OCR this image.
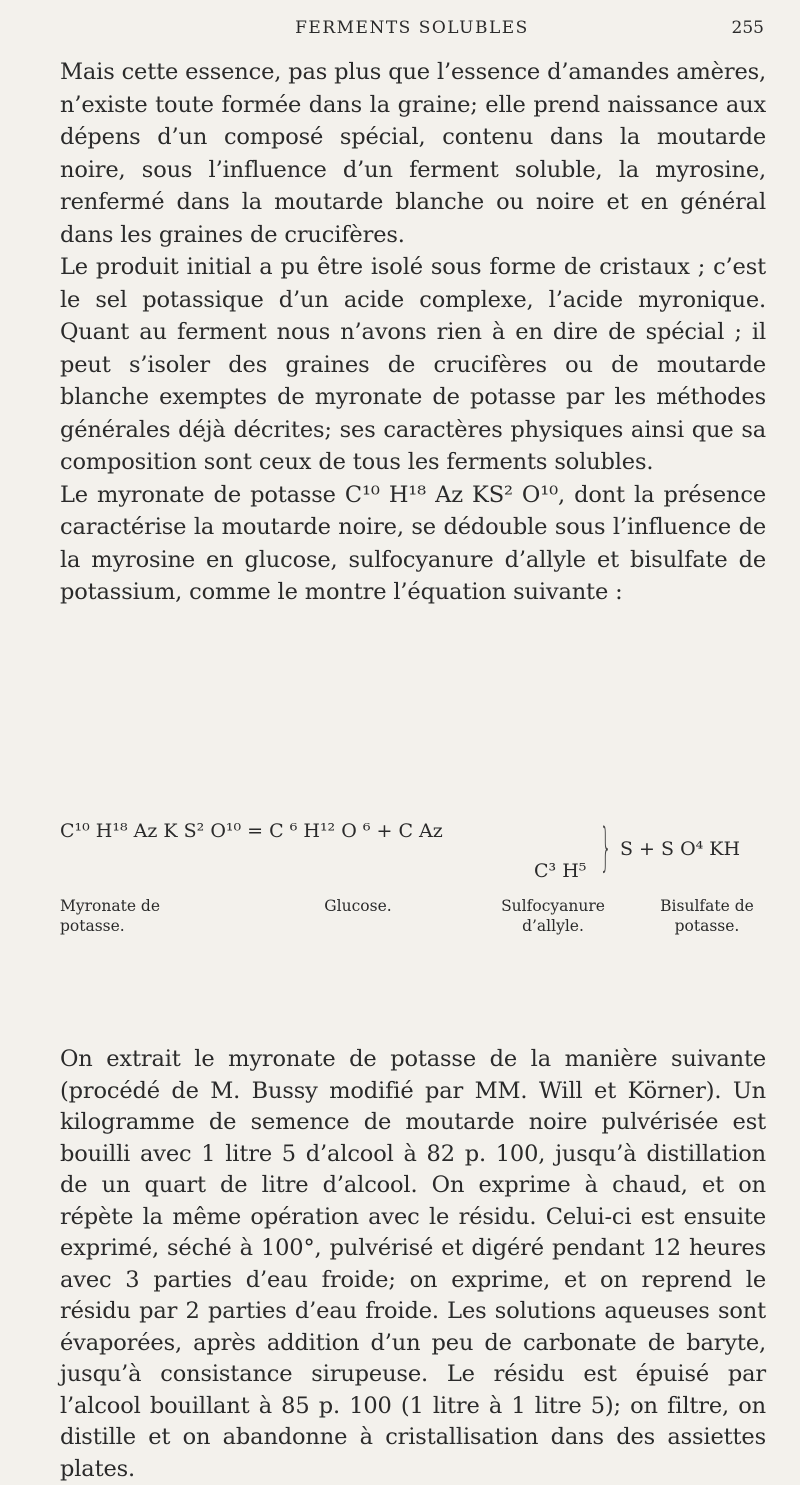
FERMENTS SOLUBLES	255

Mais cette essence, pas plus que l’essence d’amandes amères, n’existe toute formée dans la graine; elle prend naissance aux dépens d’un composé spécial, contenu dans la moutarde noire, sous l’influence d’un ferment soluble, la myrosine, renfermé dans la moutarde blanche ou noire et en général dans les graines de crucifères.

Le produit initial a pu être isolé sous forme de cristaux ; c’est le sel potassique d’un acide complexe, l’acide myronique. Quant au ferment nous n’avons rien à en dire de spécial ; il peut s’isoler des graines de crucifères ou de moutarde blanche exemptes de myronate de potasse par les méthodes générales déjà décrites; ses caractères physiques ainsi que sa composition sont ceux de tous les ferments solubles.

Le myronate de potasse C¹⁰ H¹⁸ Az KS² O¹⁰, dont la présence caractérise la moutarde noire, se dédouble sous l’influence de la myrosine en glucose, sulfocyanure d’allyle et bisulfate de potassium, comme le montre l’équation suivante :

C¹⁰ H¹⁸ Az K S² O¹⁰ = C ⁶ H¹² O ⁶ + C Az
C³ H⁵ } S + S O⁴ KH
Myronate de potasse.
Glucose.	Sulfocyanure d’allyle.
Bisulfate de potasse.

On extrait le myronate de potasse de la manière suivante (procédé de M. Bussy modifié par MM. Will et Körner). Un kilogramme de semence de moutarde noire pulvérisée est bouilli avec 1 litre 5 d’alcool à 82 p. 100, jusqu’à distillation de un quart de litre d’alcool. On exprime à chaud, et on répète la même opération avec le résidu. Celui-ci est ensuite exprimé, séché à 100°, pulvérisé et digéré pendant 12 heures avec 3 parties d’eau froide; on exprime, et on reprend le résidu par 2 parties d’eau froide. Les solutions aqueuses sont évaporées, après addition d’un peu de carbonate de baryte, jusqu’à consistance sirupeuse. Le résidu est épuisé par l’alcool bouillant à 85 p. 100 (1 litre à 1 litre 5); on filtre, on distille et on abandonne à cristallisation dans des assiettes plates.
